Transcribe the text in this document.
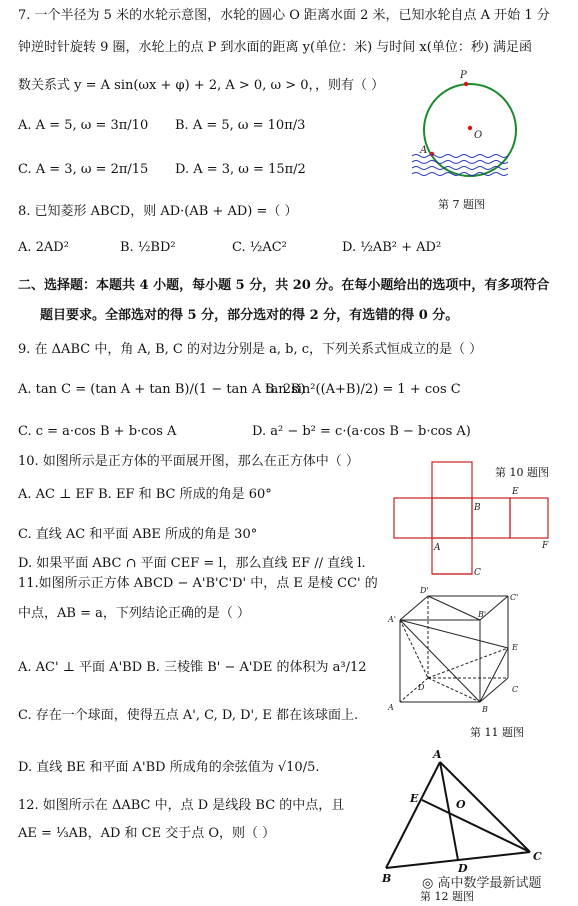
7. 一个半径为 5 米的水轮示意图，水轮的圆心 O 距离水面 2 米，已知水轮自点 A 开始 1 分
钟逆时针旋转 9 圈，水轮上的点 P 到水面的距离 y(单位：米) 与时间 x(单位：秒) 满足函
数关系式 y = A sin(ωx + φ) + 2, A > 0, ω > 0，，则有（ ）
A. A = 5, ω = 3π/10 B. A = 5, ω = 10π/3
C. A = 3, ω = 2π/15 D. A = 3, ω = 15π/2
第 7 题图
8. 已知菱形 ABCD，则 AD·(AB + AD) =（ ）
A. 2AD²	B. ½BD²	C. ½AC²	D. ½AB² + AD²
二、选择题：本题共 4 小题，每小题 5 分，共 20 分。在每小题给出的选项中，有多项符合
题目要求。全部选对的得 5 分，部分选对的得 2 分，有选错的得 0 分。
9. 在 ΔABC 中，角 A, B, C 的对边分别是 a, b, c，下列关系式恒成立的是（ ）
A. tan C = (tan A + tan B)/(1 − tan A tan B)
B. 2sin²((A+B)/2) = 1 + cos C
C. c = a·cos B + b·cos A	D. a² − b² = c·(a·cos B − b·cos A)
10. 如图所示是正方体的平面展开图，那么在正方体中（ ）
第 10 题图
A. AC ⊥ EF B. EF 和 BC 所成的角是 60°
C. 直线 AC 和平面 ABE 所成的角是 30°
D. 如果平面 ABC ∩ 平面 CEF = l，那么直线 EF // 直线 l.
11.如图所示正方体 ABCD − A'B'C'D' 中，点 E 是棱 CC' 的
中点，AB = a，下列结论正确的是（ ）
A. AC' ⊥ 平面 A'BD B. 三棱锥 B' − A'DE 的体积为 a³/12
C. 存在一个球面，使得五点 A', C, D, D', E 都在该球面上.
D. 直线 BE 和平面 A'BD 所成角的余弦值为 √10/5.
第 11 题图
12. 如图所示在 ΔABC 中，点 D 是线段 BC 的中点，且
AE = ⅓AB，AD 和 CE 交于点 O，则（ ）
第 12 题图
P
O
A
B
E
A	F
C
D'
C'
A'
B'
E
D	C
A	B
A
E	O
C
D
B ◎ 高中数学最新试题
